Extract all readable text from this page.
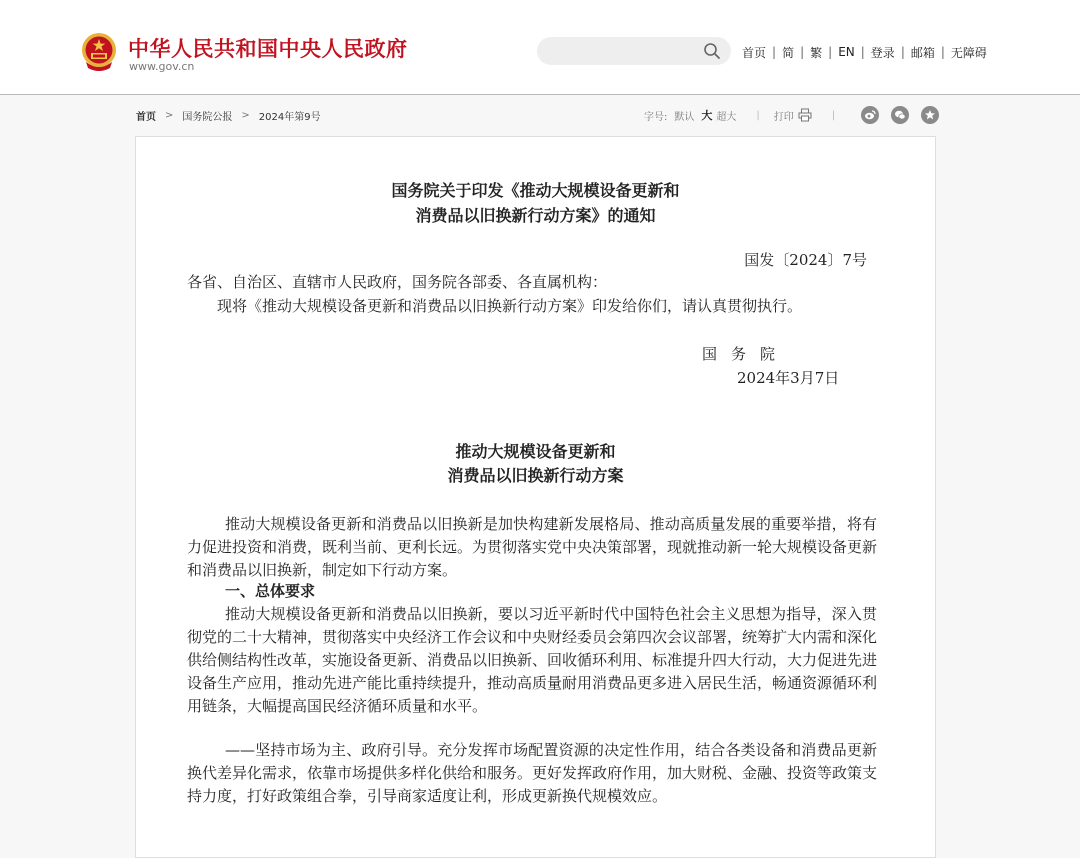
中华人民共和国中央人民政府
www.gov.cn
首页 | 简 | 繁 | EN | 登录 | 邮箱 | 无障碍
首页 > 国务院公报 > 2024年第9号	字号: 默认 大 超大 | 打印	|
国务院关于印发《推动大规模设备更新和
消费品以旧换新行动方案》的通知
国发〔2024〕7号
各省、自治区、直辖市人民政府，国务院各部委、各直属机构：
现将《推动大规模设备更新和消费品以旧换新行动方案》印发给你们，请认真贯彻执行。
国务院
2024年3月7日
推动大规模设备更新和
消费品以旧换新行动方案
推动大规模设备更新和消费品以旧换新是加快构建新发展格局、推动高质量发展的重要举措，将有力促进投资和消费，既利当前、更利长远。为贯彻落实党中央决策部署，现就推动新一轮大规模设备更新和消费品以旧换新，制定如下行动方案。
一、总体要求
推动大规模设备更新和消费品以旧换新，要以习近平新时代中国特色社会主义思想为指导，深入贯彻党的二十大精神，贯彻落实中央经济工作会议和中央财经委员会第四次会议部署，统筹扩大内需和深化供给侧结构性改革，实施设备更新、消费品以旧换新、回收循环利用、标准提升四大行动，大力促进先进设备生产应用，推动先进产能比重持续提升，推动高质量耐用消费品更多进入居民生活，畅通资源循环利用链条，大幅提高国民经济循环质量和水平。
——坚持市场为主、政府引导。充分发挥市场配置资源的决定性作用，结合各类设备和消费品更新换代差异化需求，依靠市场提供多样化供给和服务。更好发挥政府作用，加大财税、金融、投资等政策支持力度，打好政策组合拳，引导商家适度让利，形成更新换代规模效应。
